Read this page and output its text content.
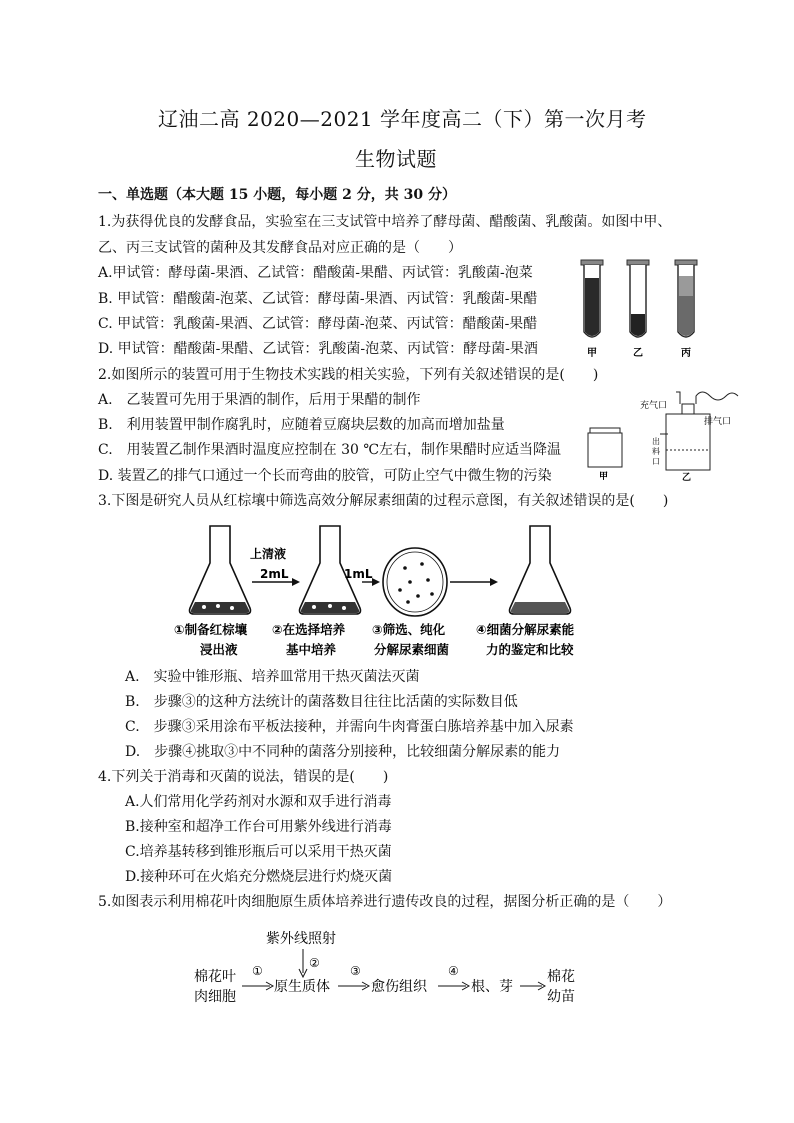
辽油二高 2020—2021 学年度高二（下）第一次月考
生物试题
一、单选题（本大题 15 小题，每小题 2 分，共 30 分）
1.为获得优良的发酵食品，实验室在三支试管中培养了酵母菌、醋酸菌、乳酸菌。如图中甲、
乙、丙三支试管的菌种及其发酵食品对应正确的是（　　）
A.甲试管：酵母菌-果酒、乙试管：醋酸菌-果醋、丙试管：乳酸菌-泡菜
B. 甲试管：醋酸菌-泡菜、乙试管：酵母菌-果酒、丙试管：乳酸菌-果醋
C. 甲试管：乳酸菌-果酒、乙试管：酵母菌-泡菜、丙试管：醋酸菌-果醋
D. 甲试管：醋酸菌-果醋、乙试管：乳酸菌-泡菜、丙试管：酵母菌-果酒	甲	乙	丙
2.如图所示的装置可用于生物技术实践的相关实验，下列有关叙述错误的是(　　)
A.　乙装置可先用于果酒的制作，后用于果醋的制作
B.　利用装置甲制作腐乳时，应随着豆腐块层数的加高而增加盐量
C.　用装置乙制作果酒时温度应控制在 30 ℃左右，制作果醋时应适当降温
D. 装置乙的排气口通过一个长而弯曲的胶管，可防止空气中微生物的污染	甲
充气口
排气口
出
料
口
乙
3.下图是研究人员从红棕壤中筛选高效分解尿素细菌的过程示意图，有关叙述错误的是(　　)
上清液
2mL	1mL
①制备红棕壤
浸出液
②在选择培养
基中培养
③筛选、纯化
分解尿素细菌
④细菌分解尿素能
力的鉴定和比较
A.　实验中锥形瓶、培养皿常用干热灭菌法灭菌
B.　步骤③的这种方法统计的菌落数目往往比活菌的实际数目低
C.　步骤③采用涂布平板法接种，并需向牛肉膏蛋白胨培养基中加入尿素
D.　步骤④挑取③中不同种的菌落分别接种，比较细菌分解尿素的能力
4.下列关于消毒和灭菌的说法，错误的是(　　)
A.人们常用化学药剂对水源和双手进行消毒
B.接种室和超净工作台可用紫外线进行消毒
C.培养基转移到锥形瓶后可以采用干热灭菌
D.接种环可在火焰充分燃烧层进行灼烧灭菌
5.如图表示利用棉花叶肉细胞原生质体培养进行遗传改良的过程，据图分析正确的是（　　）
紫外线照射
②
棉花叶
肉细胞
①
原生质体
③
愈伤组织
④
根、芽
棉花
幼苗
